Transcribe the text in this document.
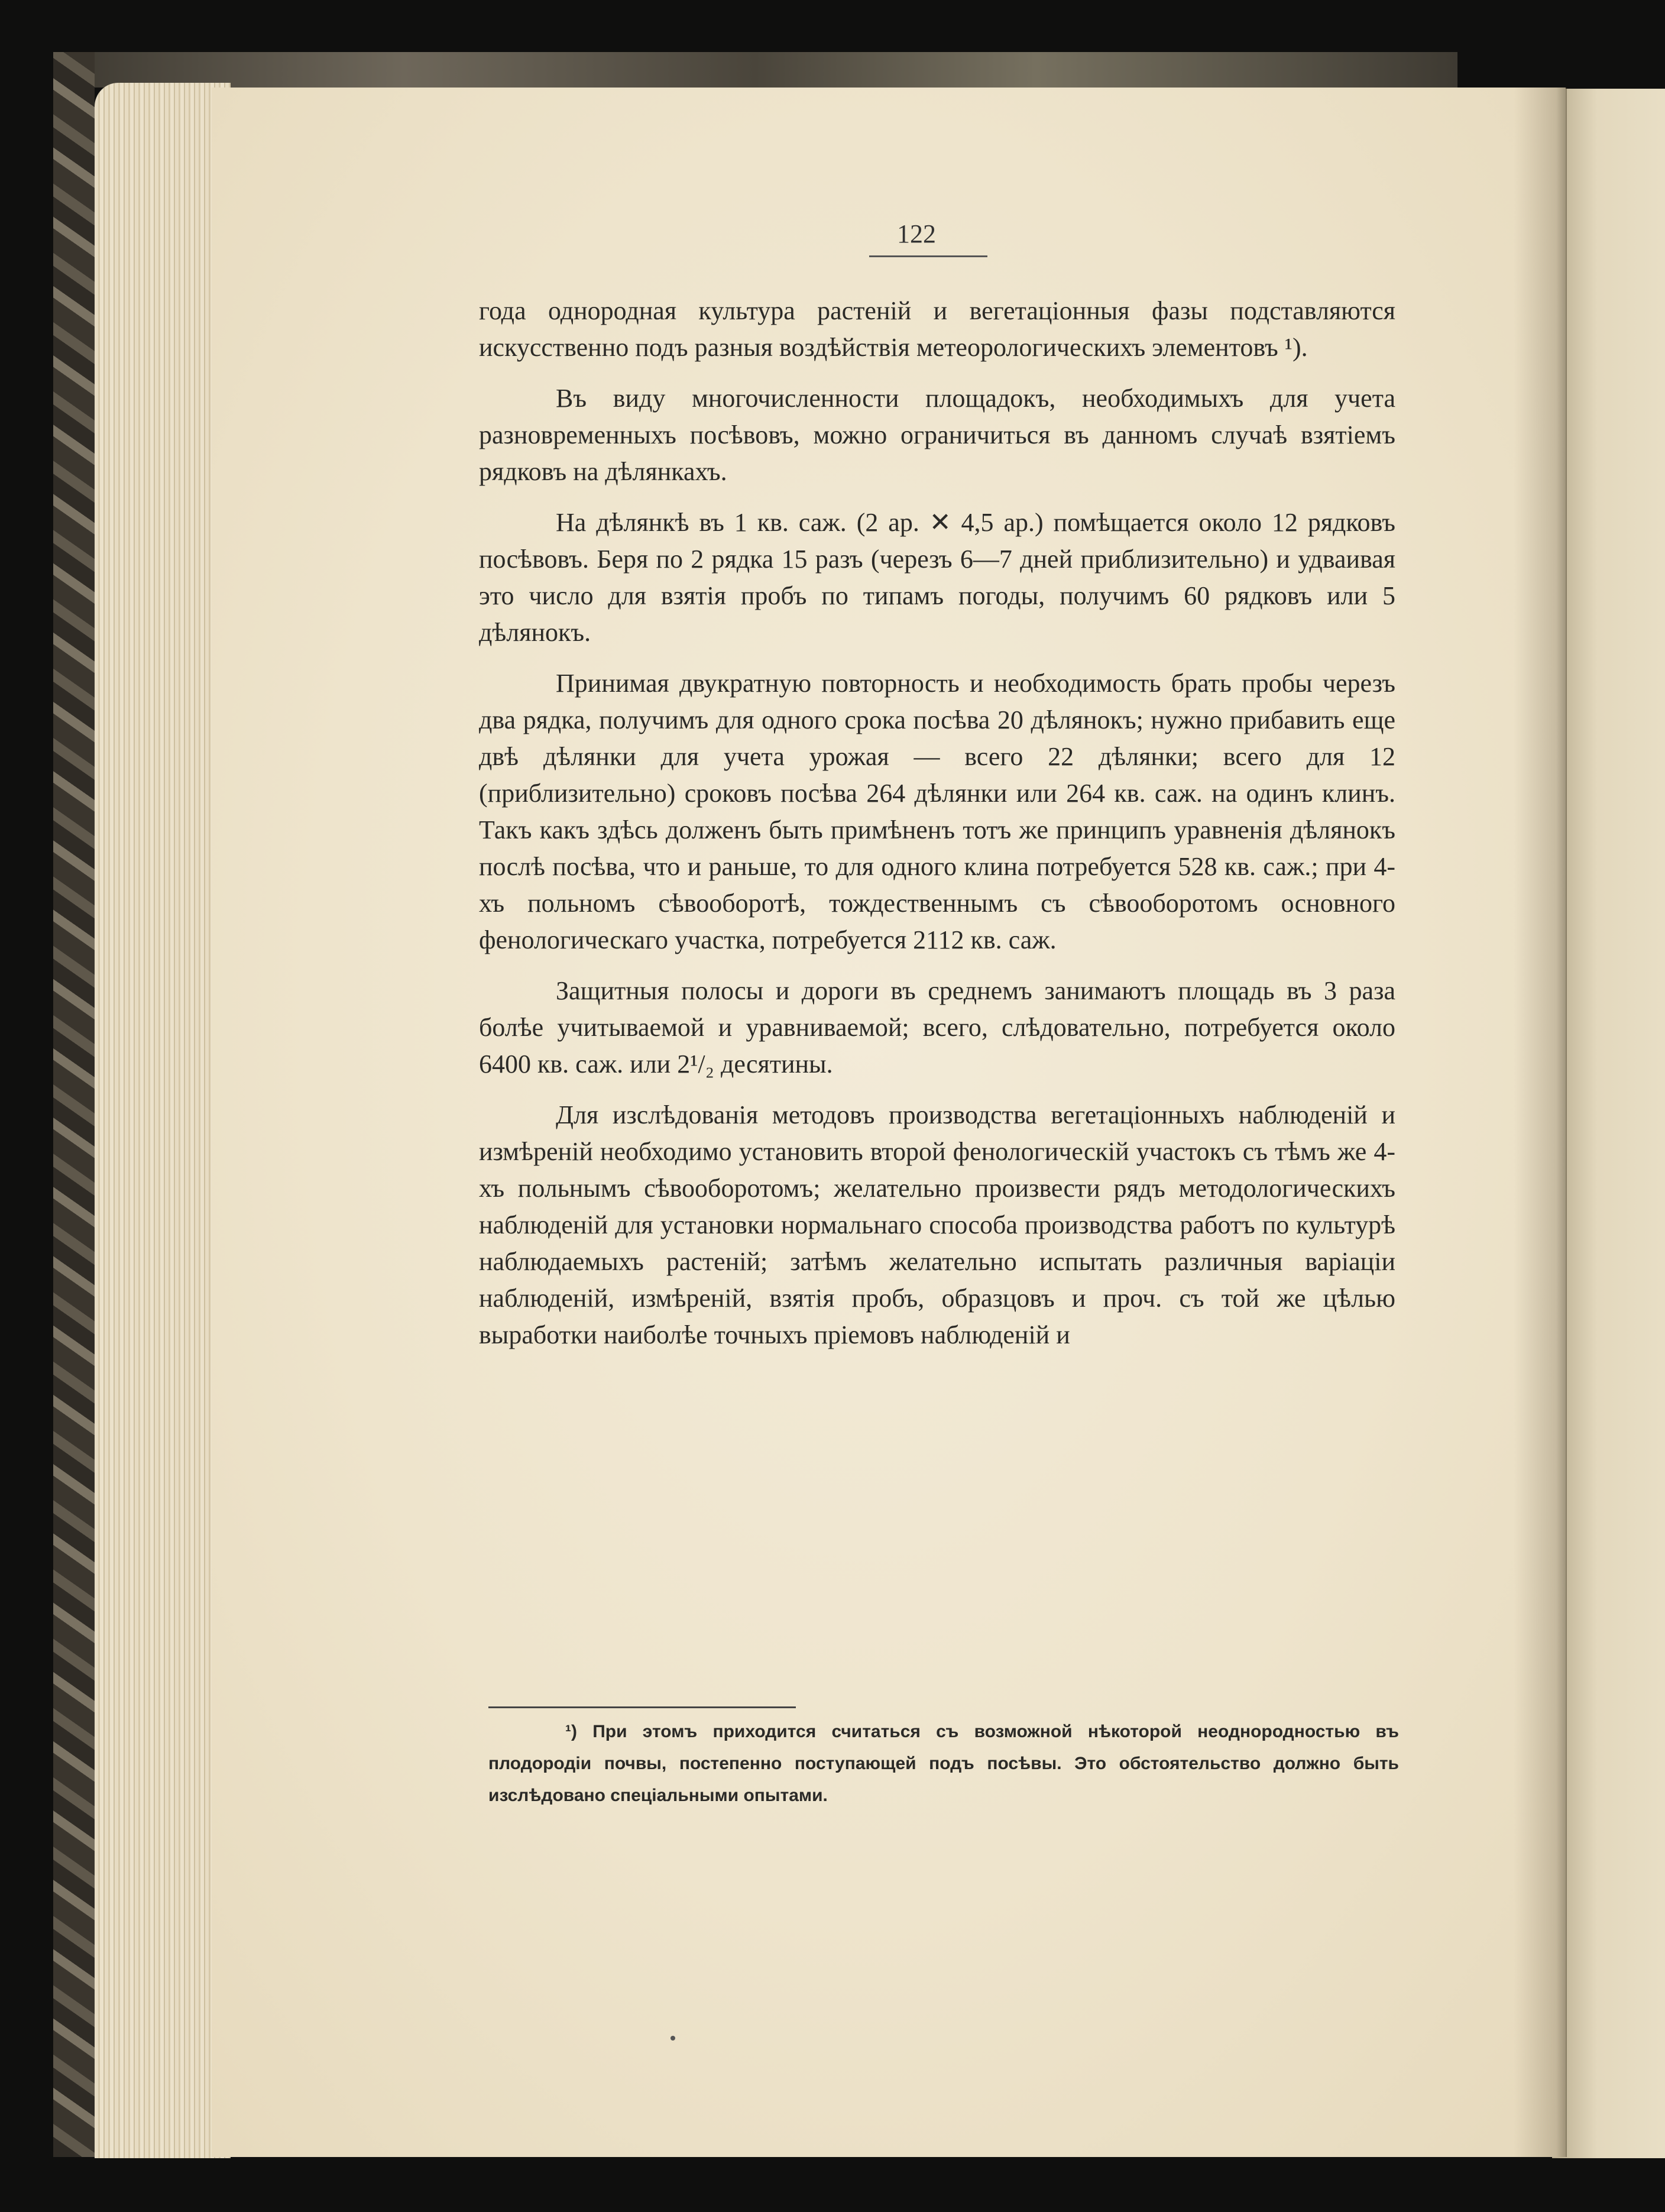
122

года однородная культура растеній и вегетаціонныя фазы подставляются искусственно подъ разныя воздѣйствія метеорологическихъ элементовъ ¹).

Въ виду многочисленности площадокъ, необходимыхъ для учета разновременныхъ посѣвовъ, можно ограничиться въ данномъ случаѣ взятіемъ рядковъ на дѣлянкахъ.

На дѣлянкѣ въ 1 кв. саж. (2 ар. ✕ 4,5 ар.) помѣщается около 12 рядковъ посѣвовъ. Беря по 2 рядка 15 разъ (черезъ 6—7 дней приблизительно) и удваивая это число для взятія пробъ по типамъ погоды, получимъ 60 рядковъ или 5 дѣлянокъ.

Принимая двукратную повторность и необходимость брать пробы черезъ два рядка, получимъ для одного срока посѣва 20 дѣлянокъ; нужно прибавить еще двѣ дѣлянки для учета урожая — всего 22 дѣлянки; всего для 12 (приблизительно) сроковъ посѣва 264 дѣлянки или 264 кв. саж. на одинъ клинъ. Такъ какъ здѣсь долженъ быть примѣненъ тотъ же принципъ уравненія дѣлянокъ послѣ посѣва, что и раньше, то для одного клина потребуется 528 кв. саж.; при 4-хъ польномъ сѣвооборотѣ, тождественнымъ съ сѣвооборотомъ основного фенологическаго участка, потребуется 2112 кв. саж.

Защитныя полосы и дороги въ среднемъ занимаютъ площадь въ 3 раза болѣе учитываемой и уравниваемой; всего, слѣдовательно, потребуется около 6400 кв. саж. или 2¹/₂ десятины.

Для изслѣдованія методовъ производства вегетаціонныхъ наблюденій и измѣреній необходимо установить второй фенологическій участокъ съ тѣмъ же 4-хъ польнымъ сѣвооборотомъ; желательно произвести рядъ методологическихъ наблюденій для установки нормальнаго способа производства работъ по культурѣ наблюдаемыхъ растеній; затѣмъ желательно испытать различныя варіаціи наблюденій, измѣреній, взятія пробъ, образцовъ и проч. съ той же цѣлью выработки наиболѣе точныхъ пріемовъ наблюденій и

¹) При этомъ приходится считаться съ возможной нѣкоторой неоднородностью въ плодородіи почвы, постепенно поступающей подъ посѣвы. Это обстоятельство должно быть изслѣдовано спеціальными опытами.
